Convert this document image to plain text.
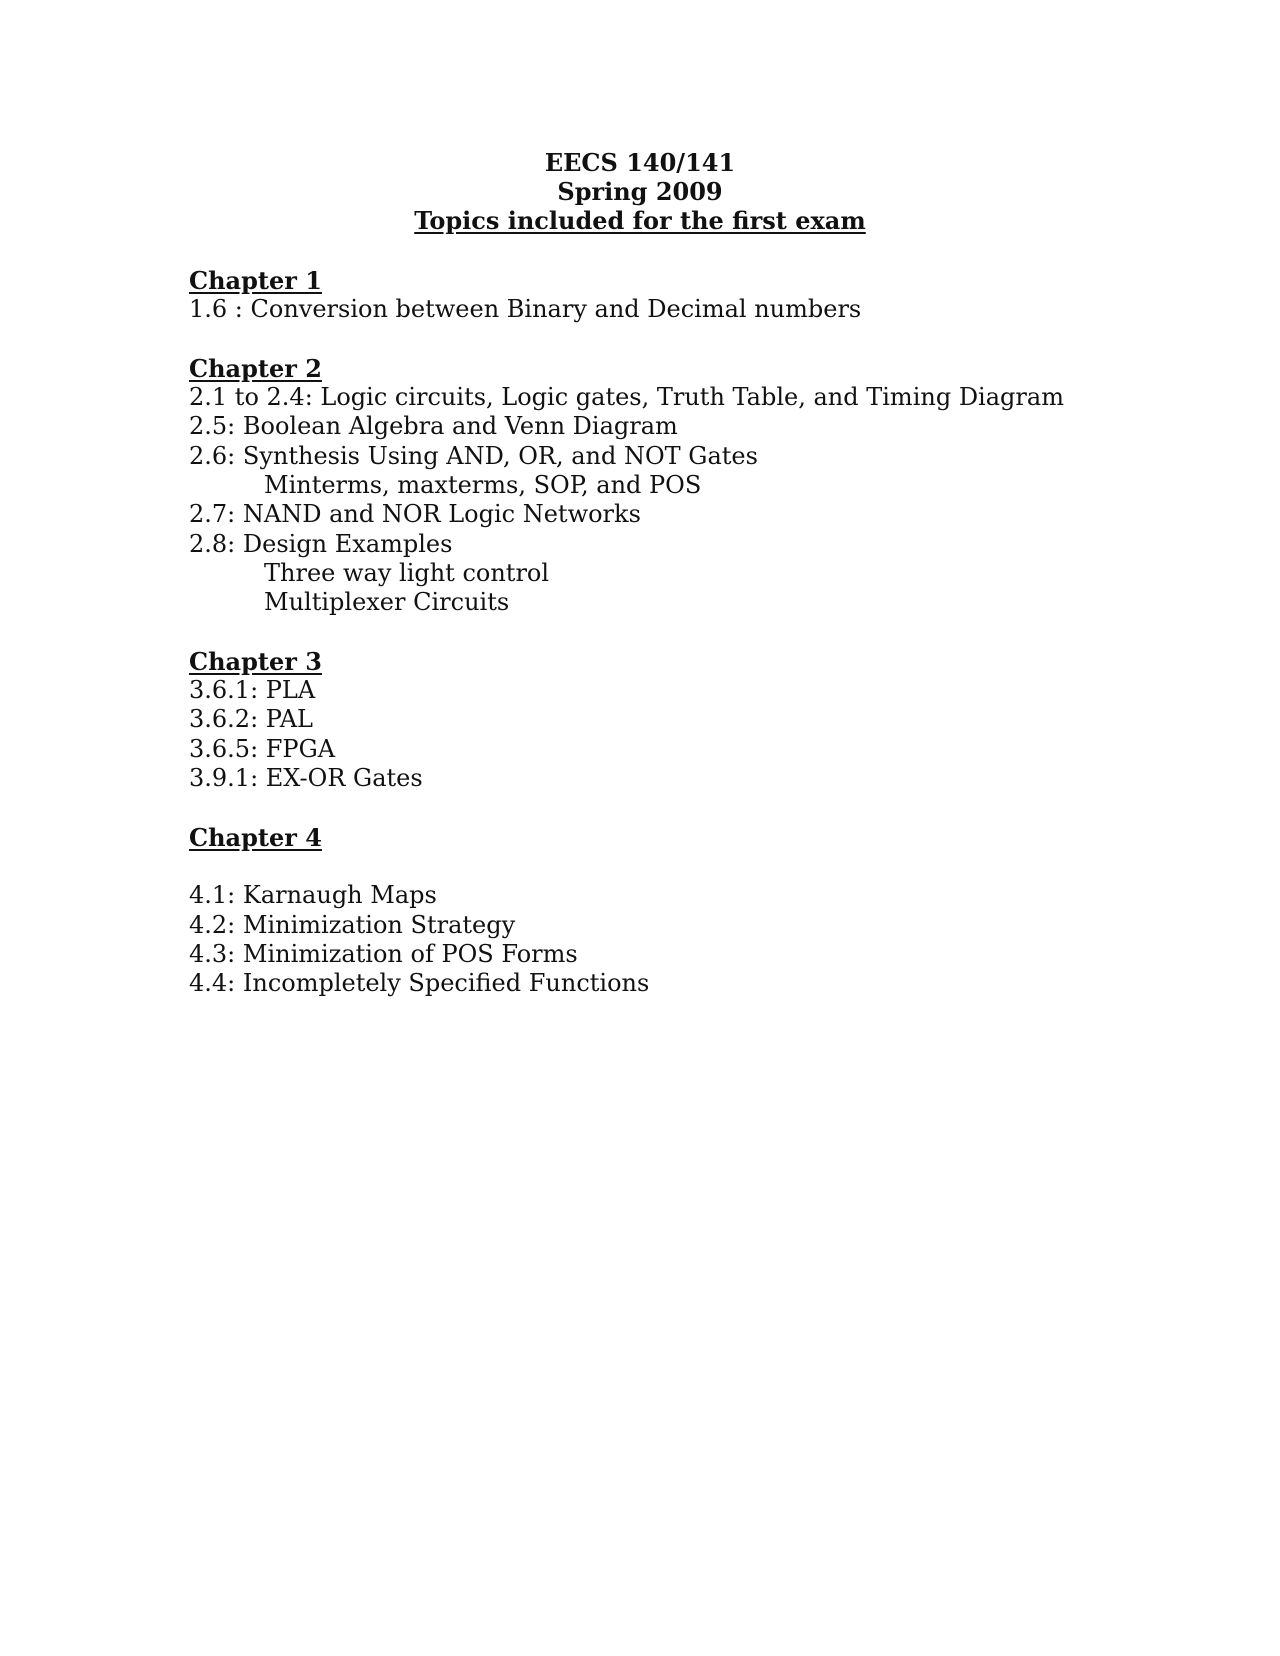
EECS 140/141
Spring 2009
Topics included for the first exam
Chapter 1
1.6 : Conversion between Binary and Decimal numbers
Chapter 2
2.1 to 2.4: Logic circuits, Logic gates, Truth Table, and Timing Diagram
2.5: Boolean Algebra and Venn Diagram
2.6: Synthesis Using AND, OR, and NOT Gates
Minterms, maxterms, SOP, and POS
2.7: NAND and NOR Logic Networks
2.8: Design Examples
Three way light control
Multiplexer Circuits
Chapter 3
3.6.1: PLA
3.6.2: PAL
3.6.5: FPGA
3.9.1: EX-OR Gates
Chapter 4
4.1: Karnaugh Maps
4.2: Minimization Strategy
4.3: Minimization of POS Forms
4.4: Incompletely Specified Functions
